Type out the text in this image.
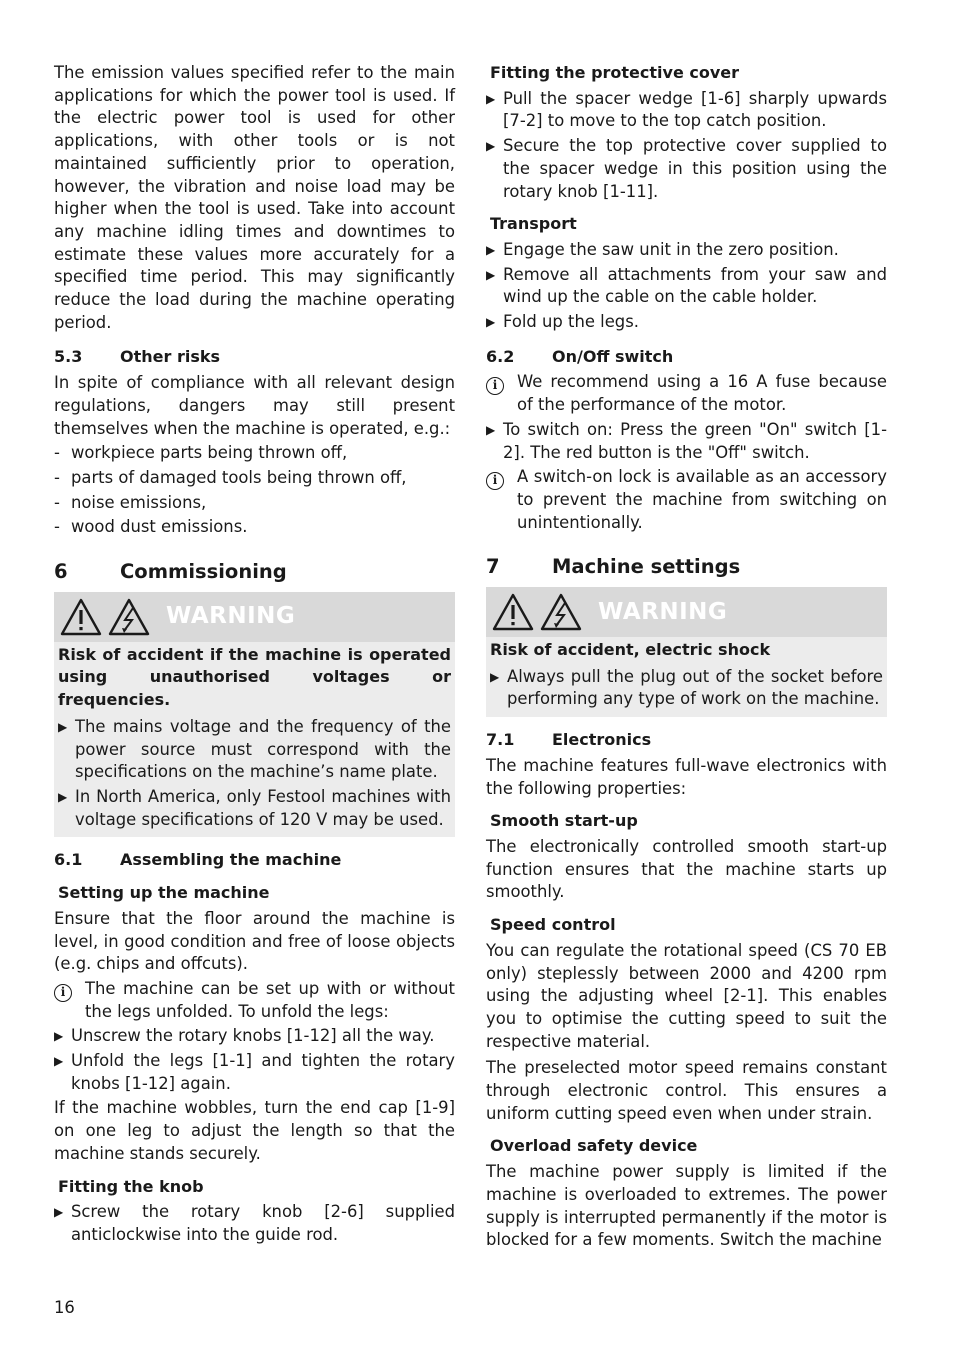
The emission values specified refer to the main applications for which the power tool is used. If the electric power tool is used for other applications, with other tools or is not maintained sufficiently prior to operation, however, the vibration and noise load may be higher when the tool is used. Take into account any machine idling times and downtimes to estimate these values more accurately for a specified time period. This may significantly reduce the load during the machine operating period.

5.3	Other risks

In spite of compliance with all relevant design regulations, dangers may still present themselves when the machine is operated, e.g.:

- workpiece parts being thrown off,
- parts of damaged tools being thrown off,
- noise emissions,
- wood dust emissions.
6	Commissioning
WARNING
Risk of accident if the machine is operated using unauthorised voltages or frequencies.
▶ The mains voltage and the frequency of the power source must correspond with the specifications on the machine’s name plate.
▶ In North America, only Festool machines with voltage specifications of 120 V may be used.
6.1	Assembling the machine
Setting up the machine

Ensure that the floor around the machine is level, in good condition and free of loose objects (e.g. chips and offcuts).

i	The machine can be set up with or without the legs unfolded. To unfold the legs:
▶ Unscrew the rotary knobs [1-12] all the way.
▶ Unfold the legs [1-1] and tighten the rotary knobs [1-12] again.

If the machine wobbles, turn the end cap [1-9] on one leg to adjust the length so that the machine stands securely.

Fitting the knob
▶ Screw the rotary knob [2-6] supplied anticlockwise into the guide rod.
Fitting the protective cover
▶ Pull the spacer wedge [1-6] sharply upwards [7-2] to move to the top catch position.
▶ Secure the top protective cover supplied to the spacer wedge in this position using the rotary knob [1-11].
Transport
▶ Engage the saw unit in the zero position.
▶ Remove all attachments from your saw and wind up the cable on the cable holder.
▶ Fold up the legs.
6.2	On/Off switch
i	We recommend using a 16 A fuse because of the performance of the motor.
▶ To switch on: Press the green "On" switch [1-2]. The red button is the "Off" switch.
i	A switch-on lock is available as an accessory to prevent the machine from switching on unintentionally.
7	Machine settings
WARNING
Risk of accident, electric shock
▶ Always pull the plug out of the socket before performing any type of work on the machine.
7.1	Electronics

The machine features full-wave electronics with the following properties:

Smooth start-up

The electronically controlled smooth start-up function ensures that the machine starts up smoothly.

Speed control

You can regulate the rotational speed (CS 70 EB only) steplessly between 2000 and 4200 rpm using the adjusting wheel [2-1]. This enables you to optimise the cutting speed to suit the respective material.

The preselected motor speed remains constant through electronic control. This ensures a uniform cutting speed even when under strain.

Overload safety device

The machine power supply is limited if the machine is overloaded to extremes. The power supply is interrupted permanently if the motor is blocked for a few moments. Switch the machine

16
